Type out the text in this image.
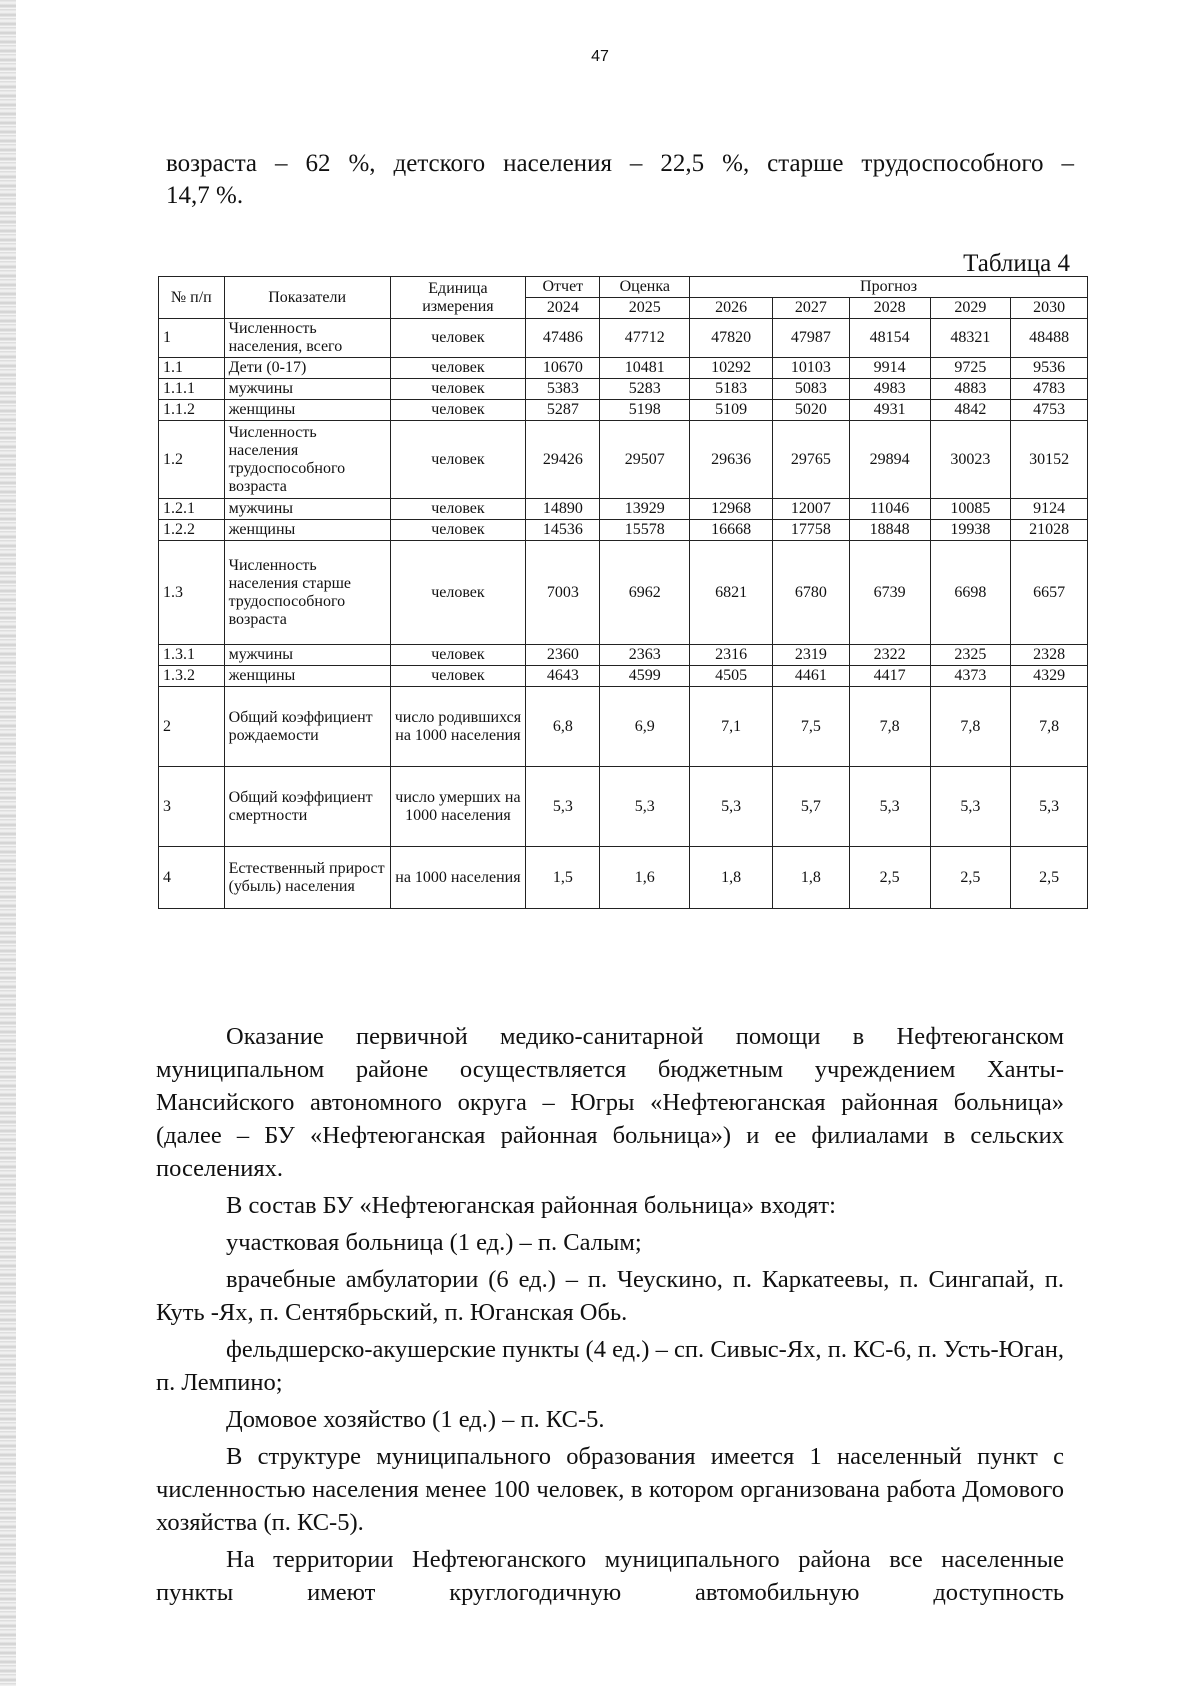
47
возраста – 62 %, детского населения – 22,5 %, старше трудоспособного –
14,7 %.
Таблица 4
№ п/п	Показатели	Единица измерения	Отчет	Оценка	Прогноз				
			2024	2025	2026	2027	2028	2029	2030
1	Численность населения, всего	человек	47486	47712	47820	47987	48154	48321	48488
1.1	Дети (0-17)	человек	10670	10481	10292	10103	9914	9725	9536
1.1.1	мужчины	человек	5383	5283	5183	5083	4983	4883	4783
1.1.2	женщины	человек	5287	5198	5109	5020	4931	4842	4753
1.2	Численность населения трудоспособного возраста	человек	29426	29507	29636	29765	29894	30023	30152
1.2.1	мужчины	человек	14890	13929	12968	12007	11046	10085	9124
1.2.2	женщины	человек	14536	15578	16668	17758	18848	19938	21028
1.3	Численность населения старше трудоспособного возраста	человек	7003	6962	6821	6780	6739	6698	6657
1.3.1	мужчины	человек	2360	2363	2316	2319	2322	2325	2328
1.3.2	женщины	человек	4643	4599	4505	4461	4417	4373	4329
2	Общий коэффициент рождаемости	число родившихся на 1000 населения	6,8	6,9	7,1	7,5	7,8	7,8	7,8
3	Общий коэффициент смертности	число умерших на 1000 населения	5,3	5,3	5,3	5,7	5,3	5,3	5,3
4	Естественный прирост (убыль) населения	на 1000 населения	1,5	1,6	1,8	1,8	2,5	2,5	2,5

Оказание первичной медико-санитарной помощи в Нефтеюганском муниципальном районе осуществляется бюджетным учреждением Ханты-Мансийского автономного округа – Югры «Нефтеюганская районная больница» (далее – БУ «Нефтеюганская районная больница») и ее филиалами в сельских поселениях.

В состав БУ «Нефтеюганская районная больница» входят:

участковая больница (1 ед.) – п. Салым;

врачебные амбулатории (6 ед.) – п. Чеускино, п. Каркатеевы, п. Сингапай, п. Куть -Ях, п. Сентябрьский, п. Юганская Обь.

фельдшерско-акушерские пункты (4 ед.) – сп. Сивыс-Ях, п. КС-6, п. Усть-Юган, п. Лемпино;

Домовое хозяйство (1 ед.) – п. КС-5.

В структуре муниципального образования имеется 1 населенный пункт с численностью населения менее 100 человек, в котором организована работа Домового хозяйства (п. КС-5).

На территории Нефтеюганского муниципального района все населенные пункты имеют круглогодичную автомобильную доступность
